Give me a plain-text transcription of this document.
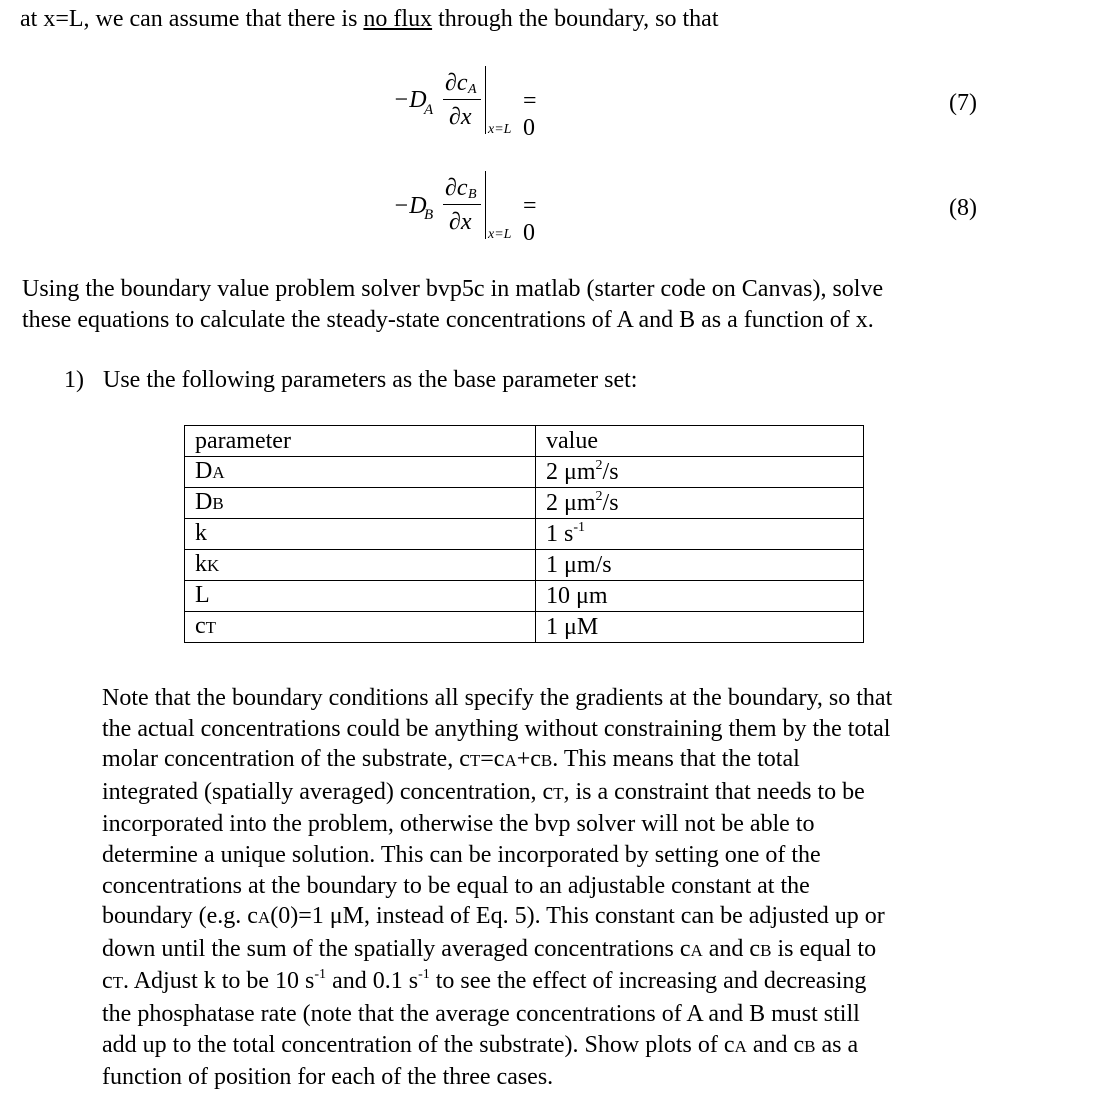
at x=L, we can assume that there is no flux through the boundary, so that
−D
A
∂c A
∂x x=L
= 0
(7)
−D
B
∂c B
∂x x=L
= 0
(8)
Using the boundary value problem solver bvp5c in matlab (starter code on Canvas), solve
these equations to calculate the steady-state concentrations of A and B as a function of x.
1) Use the following parameters as the base parameter set:
parameter	value
DA	2 $\mu m^2/s$
DB	2 $\mu m^2/s$
k	1 $s^{-1}$
kK	1 μm/s
L	10 μm
cT	1 μM
Note that the boundary conditions all specify the gradients at the boundary, so that
the actual concentrations could be anything without constraining them by the total
molar concentration of the substrate, cT=cA+cB. This means that the total
integrated (spatially averaged) concentration, cT, is a constraint that needs to be
incorporated into the problem, otherwise the bvp solver will not be able to
determine a unique solution. This can be incorporated by setting one of the
concentrations at the boundary to be equal to an adjustable constant at the
boundary (e.g. cA(0)=1 μM, instead of Eq. 5). This constant can be adjusted up or
down until the sum of the spatially averaged concentrations cA and cB is equal to
cT. Adjust k to be 10 $s^{-1}$ and 0.1 $s^{-1}$ to see the effect of increasing and decreasing
the phosphatase rate (note that the average concentrations of A and B must still
add up to the total concentration of the substrate). Show plots of cA and cB as a
function of position for each of the three cases.
